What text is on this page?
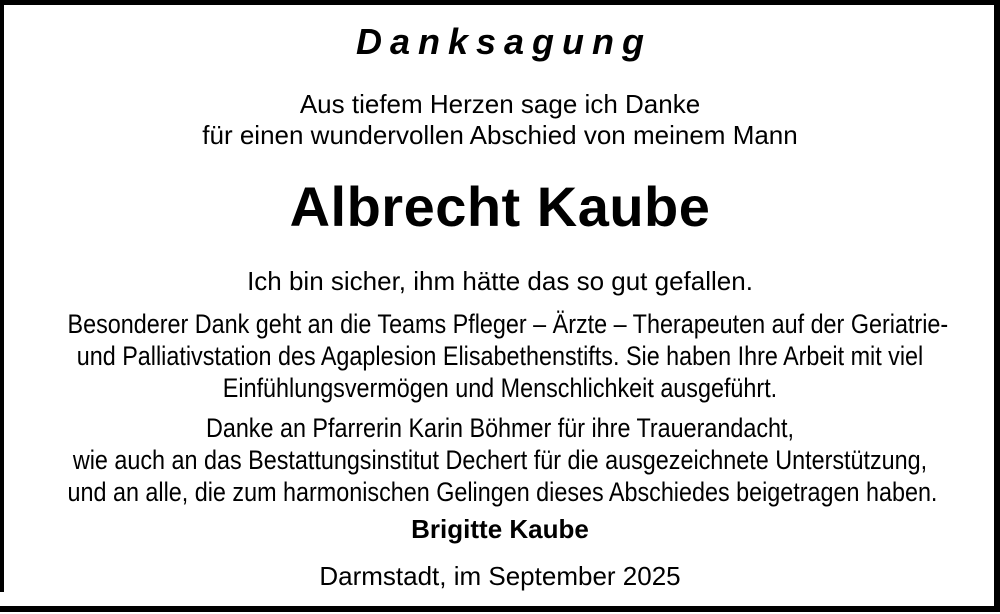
Danksagung
Aus tiefem Herzen sage ich Danke
für einen wundervollen Abschied von meinem Mann
Albrecht Kaube
Ich bin sicher, ihm hätte das so gut gefallen.
Besonderer Dank geht an die Teams Pfleger – Ärzte – Therapeuten auf der Geriatrie-
und Palliativstation des Agaplesion Elisabethenstifts. Sie haben Ihre Arbeit mit viel
Einfühlungsvermögen und Menschlichkeit ausgeführt.
Danke an Pfarrerin Karin Böhmer für ihre Trauerandacht,
wie auch an das Bestattungsinstitut Dechert für die ausgezeichnete Unterstützung,
und an alle, die zum harmonischen Gelingen dieses Abschiedes beigetragen haben.
Brigitte Kaube
Darmstadt, im September 2025
